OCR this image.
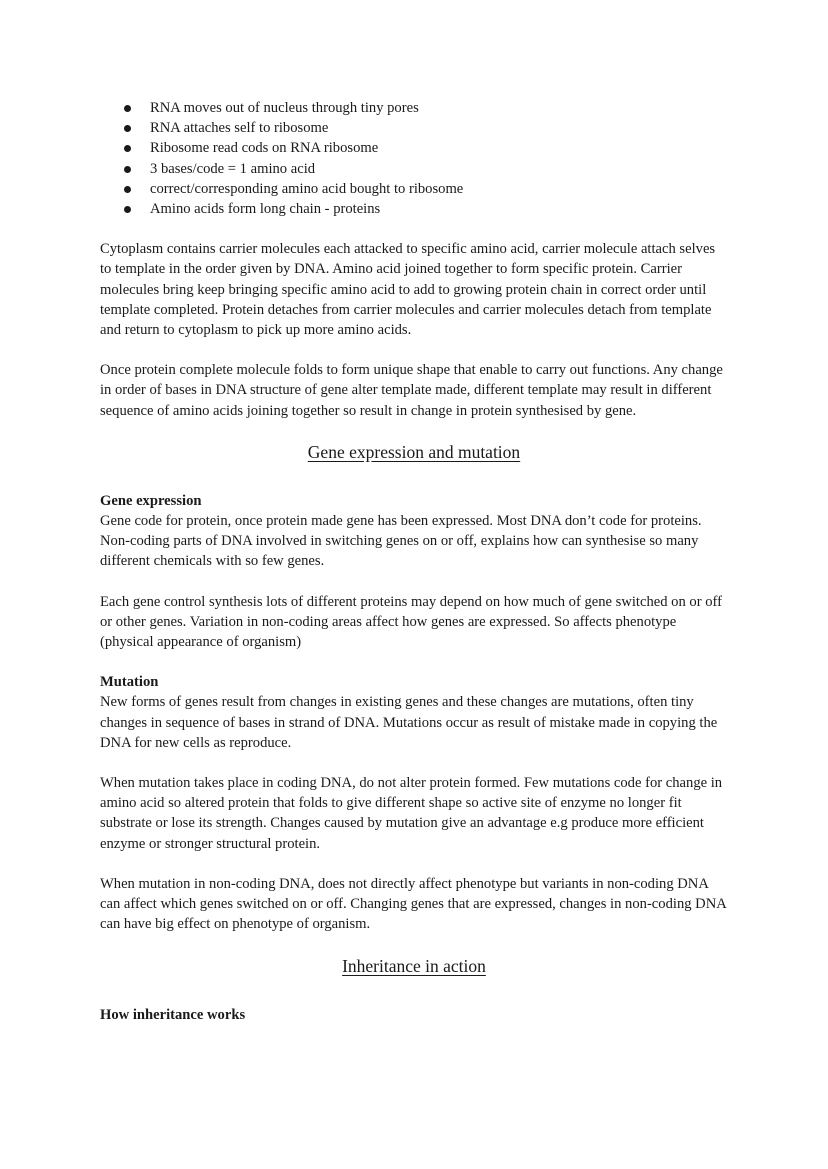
RNA moves out of nucleus through tiny pores
RNA attaches self to ribosome
Ribosome read cods on RNA ribosome
3 bases/code = 1 amino acid
correct/corresponding amino acid bought to ribosome
Amino acids form long chain - proteins

Cytoplasm contains carrier molecules each attacked to specific amino acid, carrier molecule attach selves to template in the order given by DNA. Amino acid joined together to form specific protein. Carrier molecules bring keep bringing specific amino acid to add to growing protein chain in correct order until template completed. Protein detaches from carrier molecules and carrier molecules detach from template and return to cytoplasm to pick up more amino acids.

Once protein complete molecule folds to form unique shape that enable to carry out functions. Any change in order of bases in DNA structure of gene alter template made, different template may result in different sequence of amino acids joining together so result in change in protein synthesised by gene.

Gene expression and mutation
Gene expression

Gene code for protein, once protein made gene has been expressed. Most DNA don’t code for proteins. Non-coding parts of DNA involved in switching genes on or off, explains how can synthesise so many different chemicals with so few genes.

Each gene control synthesis lots of different proteins may depend on how much of gene switched on or off or other genes. Variation in non-coding areas affect how genes are expressed. So affects phenotype (physical appearance of organism)

Mutation

New forms of genes result from changes in existing genes and these changes are mutations, often tiny changes in sequence of bases in strand of DNA. Mutations occur as result of mistake made in copying the DNA for new cells as reproduce.

When mutation takes place in coding DNA, do not alter protein formed. Few mutations code for change in amino acid so altered protein that folds to give different shape so active site of enzyme no longer fit substrate or lose its strength. Changes caused by mutation give an advantage e.g produce more efficient enzyme or stronger structural protein.

When mutation in non-coding DNA, does not directly affect phenotype but variants in non-coding DNA can affect which genes switched on or off. Changing genes that are expressed, changes in non-coding DNA can have big effect on phenotype of organism.

Inheritance in action
How inheritance works
